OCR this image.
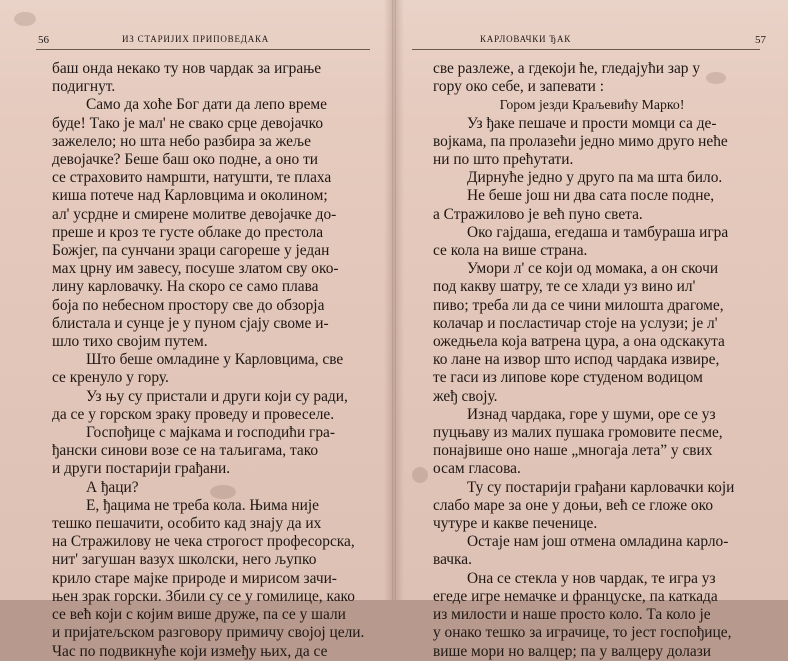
56	ИЗ СТАРИЈИХ ПРИПОВЕДАКА
баш онда некако ту нов чардак за играње
подигнут.
Само да хоће Бог дати да лепо време
буде! Тако је мал' не свако срце девојачко
зажелело; но шта небо разбира за жеље
девојачке? Беше баш око подне, а оно ти
се страховито намршти, натушти, те плаха
киша потече над Карловцима и околином;
ал' усрдне и смирене молитве девојачке до-
преше и кроз те густе облаке до престола
Божјег, па сунчани зраци сагореше у један
мах црну им завесу, посуше златом сву око-
лину карловачку. На скоро се само плава
боја по небесном простору све до обзорја
блистала и сунце је у пуном сјају своме и-
шло тихо својим путем.
Што беше омладине у Карловцима, све
се кренуло у гору.
Уз њу су пристали и други који су ради,
да се у горском зраку проведу и провеселе.
Госпођице с мајкама и господићи гра-
ђански синови возе се на таљигама, тако
и други постарији грађани.
А ђаци?
Е, ђацима не треба кола. Њима није
тешко пешачити, особито кад знају да их
на Стражилову не чека строгост професорска,
нит' загушан вазух школски, него љупко
крило старе мајке природе и мирисом зачи-
њен зрак горски. Збили су се у гомилице, како
се већ који с којим више друже, па се у шали
и пријатељском разговору примичу својој цели.
Час по подвикнуће који између њих, да се
КАРЛОВАЧКИ ЂАК	57
све разлеже, а гдекоји ће, гледајући зар у
гору око себе, и запевати :
Гором језди Краљевићу Марко!
Уз ђаке пешаче и прости момци са де-
војкама, па пролазећи једно мимо друго неће
ни по што прећутати.
Дирнуће једно у друго па ма шта било.
Не беше још ни два сата после подне,
а Стражилово је већ пуно света.
Око гајдаша, егедаша и тамбураша игра
се кола на више страна.
Умори л' се који од момака, а он скочи
под какву шатру, те се хлади уз вино ил'
пиво; треба ли да се чини милошта драгоме,
колачар и посластичар стоје на услузи; је л'
ожедњела која ватрена цура, а она одскакута
ко лане на извор што испод чардака извире,
те гаси из липове коре студеном водицом
жеђ своју.
Изнад чардака, горе у шуми, оре се уз
пуцњаву из малих пушака громовите песме,
понајвише оно наше „многаја лета” у свих
осам гласова.
Ту су постарији грађани карловачки који
слабо маре за оне у доњи, већ се гложе око
чутуре и какве печенице.
Остаје нам још отмена омладина карло-
вачка.
Она се стекла у нов чардак, те игра уз
егеде игре немачке и француске, па каткада
из милости и наше просто коло. Та коло је
у онако тешко за играчице, то јест госпођице,
више мори но валцер; па у валцеру долази
